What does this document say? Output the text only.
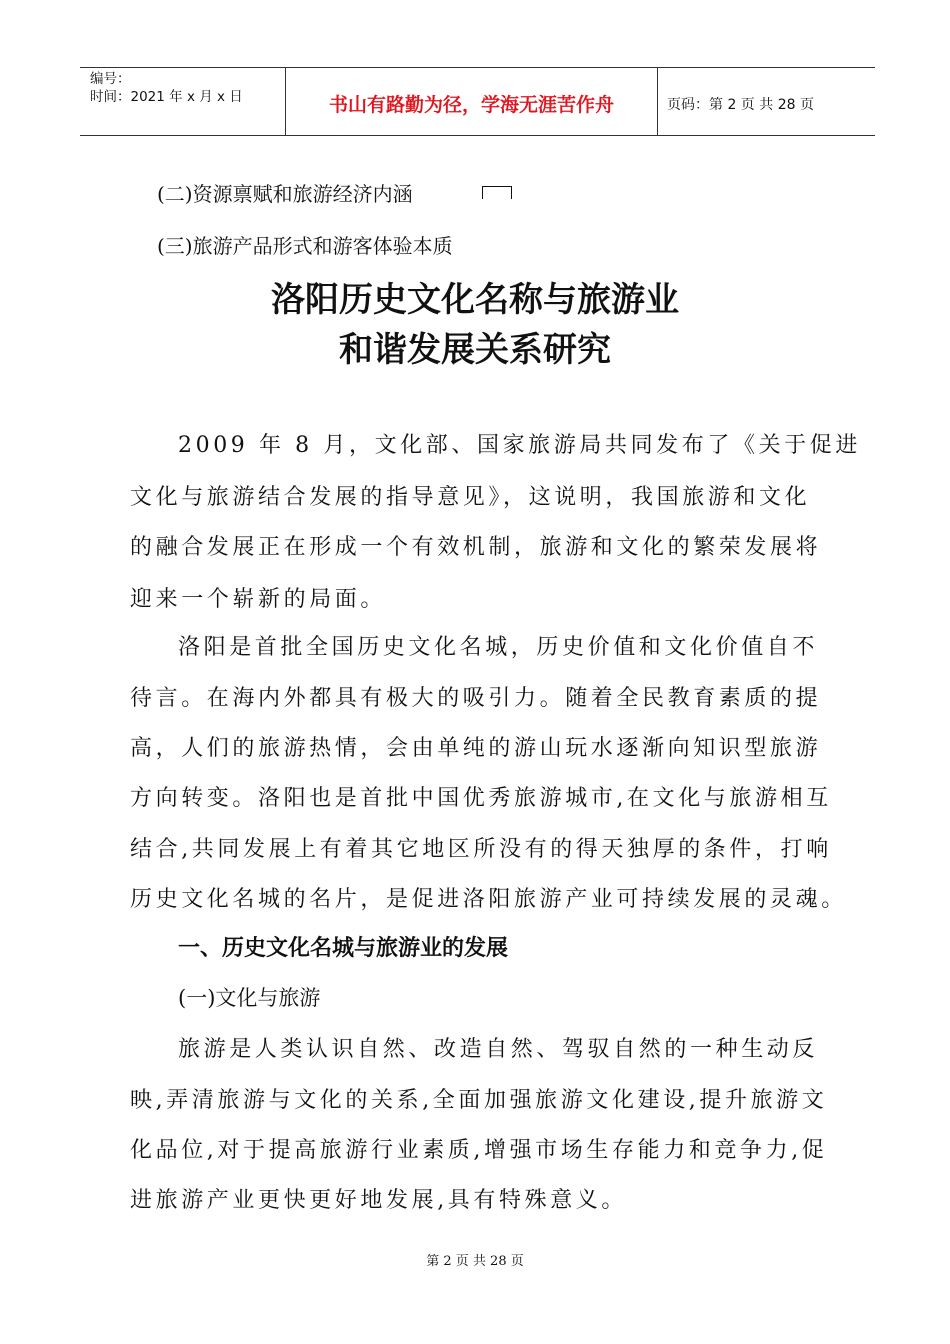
编号：
时间：2021 年 x 月 x 日	书山有路勤为径，学海无涯苦作舟	页码：第 2 页 共 28 页
(二)资源禀赋和旅游经济内涵
(三)旅游产品形式和游客体验本质
洛阳历史文化名称与旅游业
和谐发展关系研究
2009 年 8 月，文化部、国家旅游局共同发布了《关于促进
文化与旅游结合发展的指导意见》，这说明，我国旅游和文化
的融合发展正在形成一个有效机制，旅游和文化的繁荣发展将
迎来一个崭新的局面。
洛阳是首批全国历史文化名城，历史价值和文化价值自不
待言。在海内外都具有极大的吸引力。随着全民教育素质的提
高，人们的旅游热情，会由单纯的游山玩水逐渐向知识型旅游
方向转变。洛阳也是首批中国优秀旅游城市,在文化与旅游相互
结合,共同发展上有着其它地区所没有的得天独厚的条件，打响
历史文化名城的名片，是促进洛阳旅游产业可持续发展的灵魂。
一、历史文化名城与旅游业的发展
(一)文化与旅游
旅游是人类认识自然、改造自然、驾驭自然的一种生动反
映,弄清旅游与文化的关系,全面加强旅游文化建设,提升旅游文
化品位,对于提高旅游行业素质,增强市场生存能力和竞争力,促
进旅游产业更快更好地发展,具有特殊意义。
第 2 页 共 28 页
